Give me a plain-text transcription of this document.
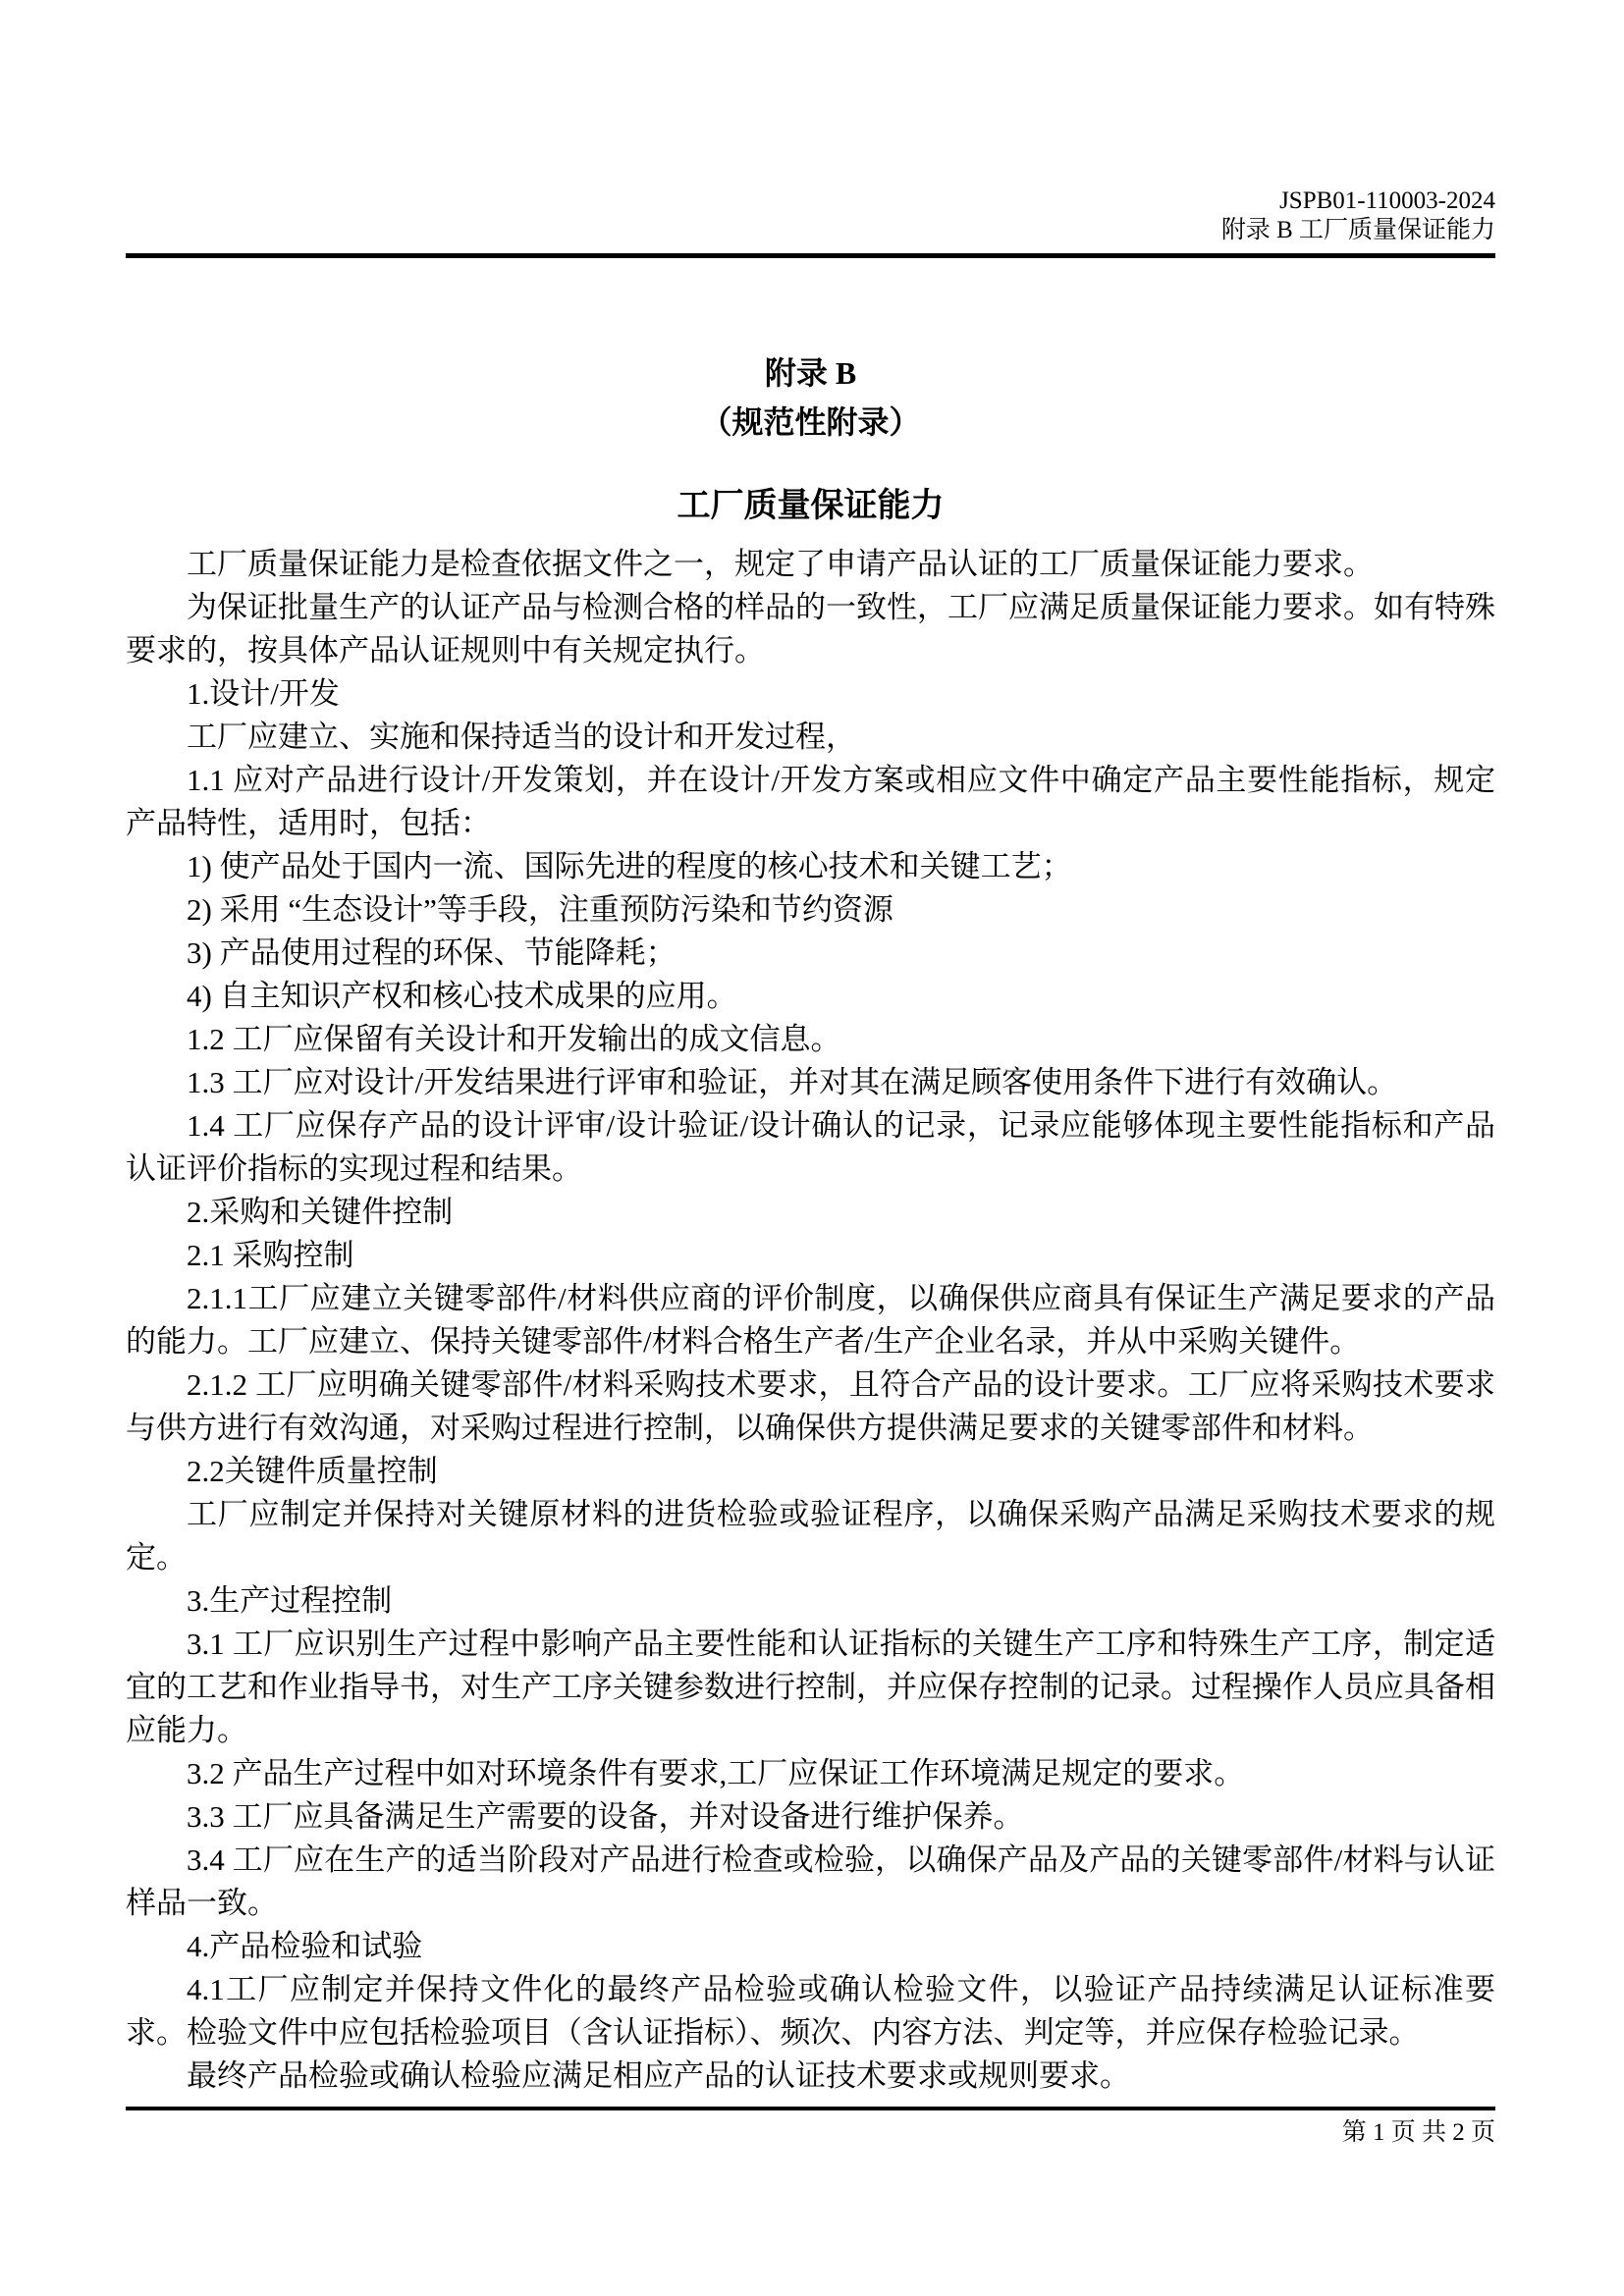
JSPB01-110003-2024
附录 B 工厂质量保证能力
附录 B
（规范性附录）
工厂质量保证能力

工厂质量保证能力是检查依据文件之一，规定了申请产品认证的工厂质量保证能力要求。

为保证批量生产的认证产品与检测合格的样品的一致性，工厂应满足质量保证能力要求。如有特殊要求的，按具体产品认证规则中有关规定执行。

1.设计/开发

工厂应建立、实施和保持适当的设计和开发过程，

1.1 应对产品进行设计/开发策划，并在设计/开发方案或相应文件中确定产品主要性能指标，规定产品特性，适用时，包括：

1) 使产品处于国内一流、国际先进的程度的核心技术和关键工艺；

2) 采用 “生态设计”等手段，注重预防污染和节约资源

3) 产品使用过程的环保、节能降耗；

4) 自主知识产权和核心技术成果的应用。

1.2 工厂应保留有关设计和开发输出的成文信息。

1.3 工厂应对设计/开发结果进行评审和验证，并对其在满足顾客使用条件下进行有效确认。

1.4 工厂应保存产品的设计评审/设计验证/设计确认的记录，记录应能够体现主要性能指标和产品认证评价指标的实现过程和结果。

2.采购和关键件控制

2.1 采购控制

2.1.1工厂应建立关键零部件/材料供应商的评价制度，以确保供应商具有保证生产满足要求的产品的能力。工厂应建立、保持关键零部件/材料合格生产者/生产企业名录，并从中采购关键件。

2.1.2 工厂应明确关键零部件/材料采购技术要求，且符合产品的设计要求。工厂应将采购技术要求与供方进行有效沟通，对采购过程进行控制，以确保供方提供满足要求的关键零部件和材料。

2.2关键件质量控制

工厂应制定并保持对关键原材料的进货检验或验证程序，以确保采购产品满足采购技术要求的规定。

3.生产过程控制

3.1 工厂应识别生产过程中影响产品主要性能和认证指标的关键生产工序和特殊生产工序，制定适宜的工艺和作业指导书，对生产工序关键参数进行控制，并应保存控制的记录。过程操作人员应具备相应能力。

3.2 产品生产过程中如对环境条件有要求,工厂应保证工作环境满足规定的要求。

3.3 工厂应具备满足生产需要的设备，并对设备进行维护保养。

3.4 工厂应在生产的适当阶段对产品进行检查或检验，以确保产品及产品的关键零部件/材料与认证样品一致。

4.产品检验和试验

4.1工厂应制定并保持文件化的最终产品检验或确认检验文件，以验证产品持续满足认证标准要求。检验文件中应包括检验项目（含认证指标）、频次、内容方法、判定等，并应保存检验记录。

最终产品检验或确认检验应满足相应产品的认证技术要求或规则要求。

第 1 页 共 2 页
